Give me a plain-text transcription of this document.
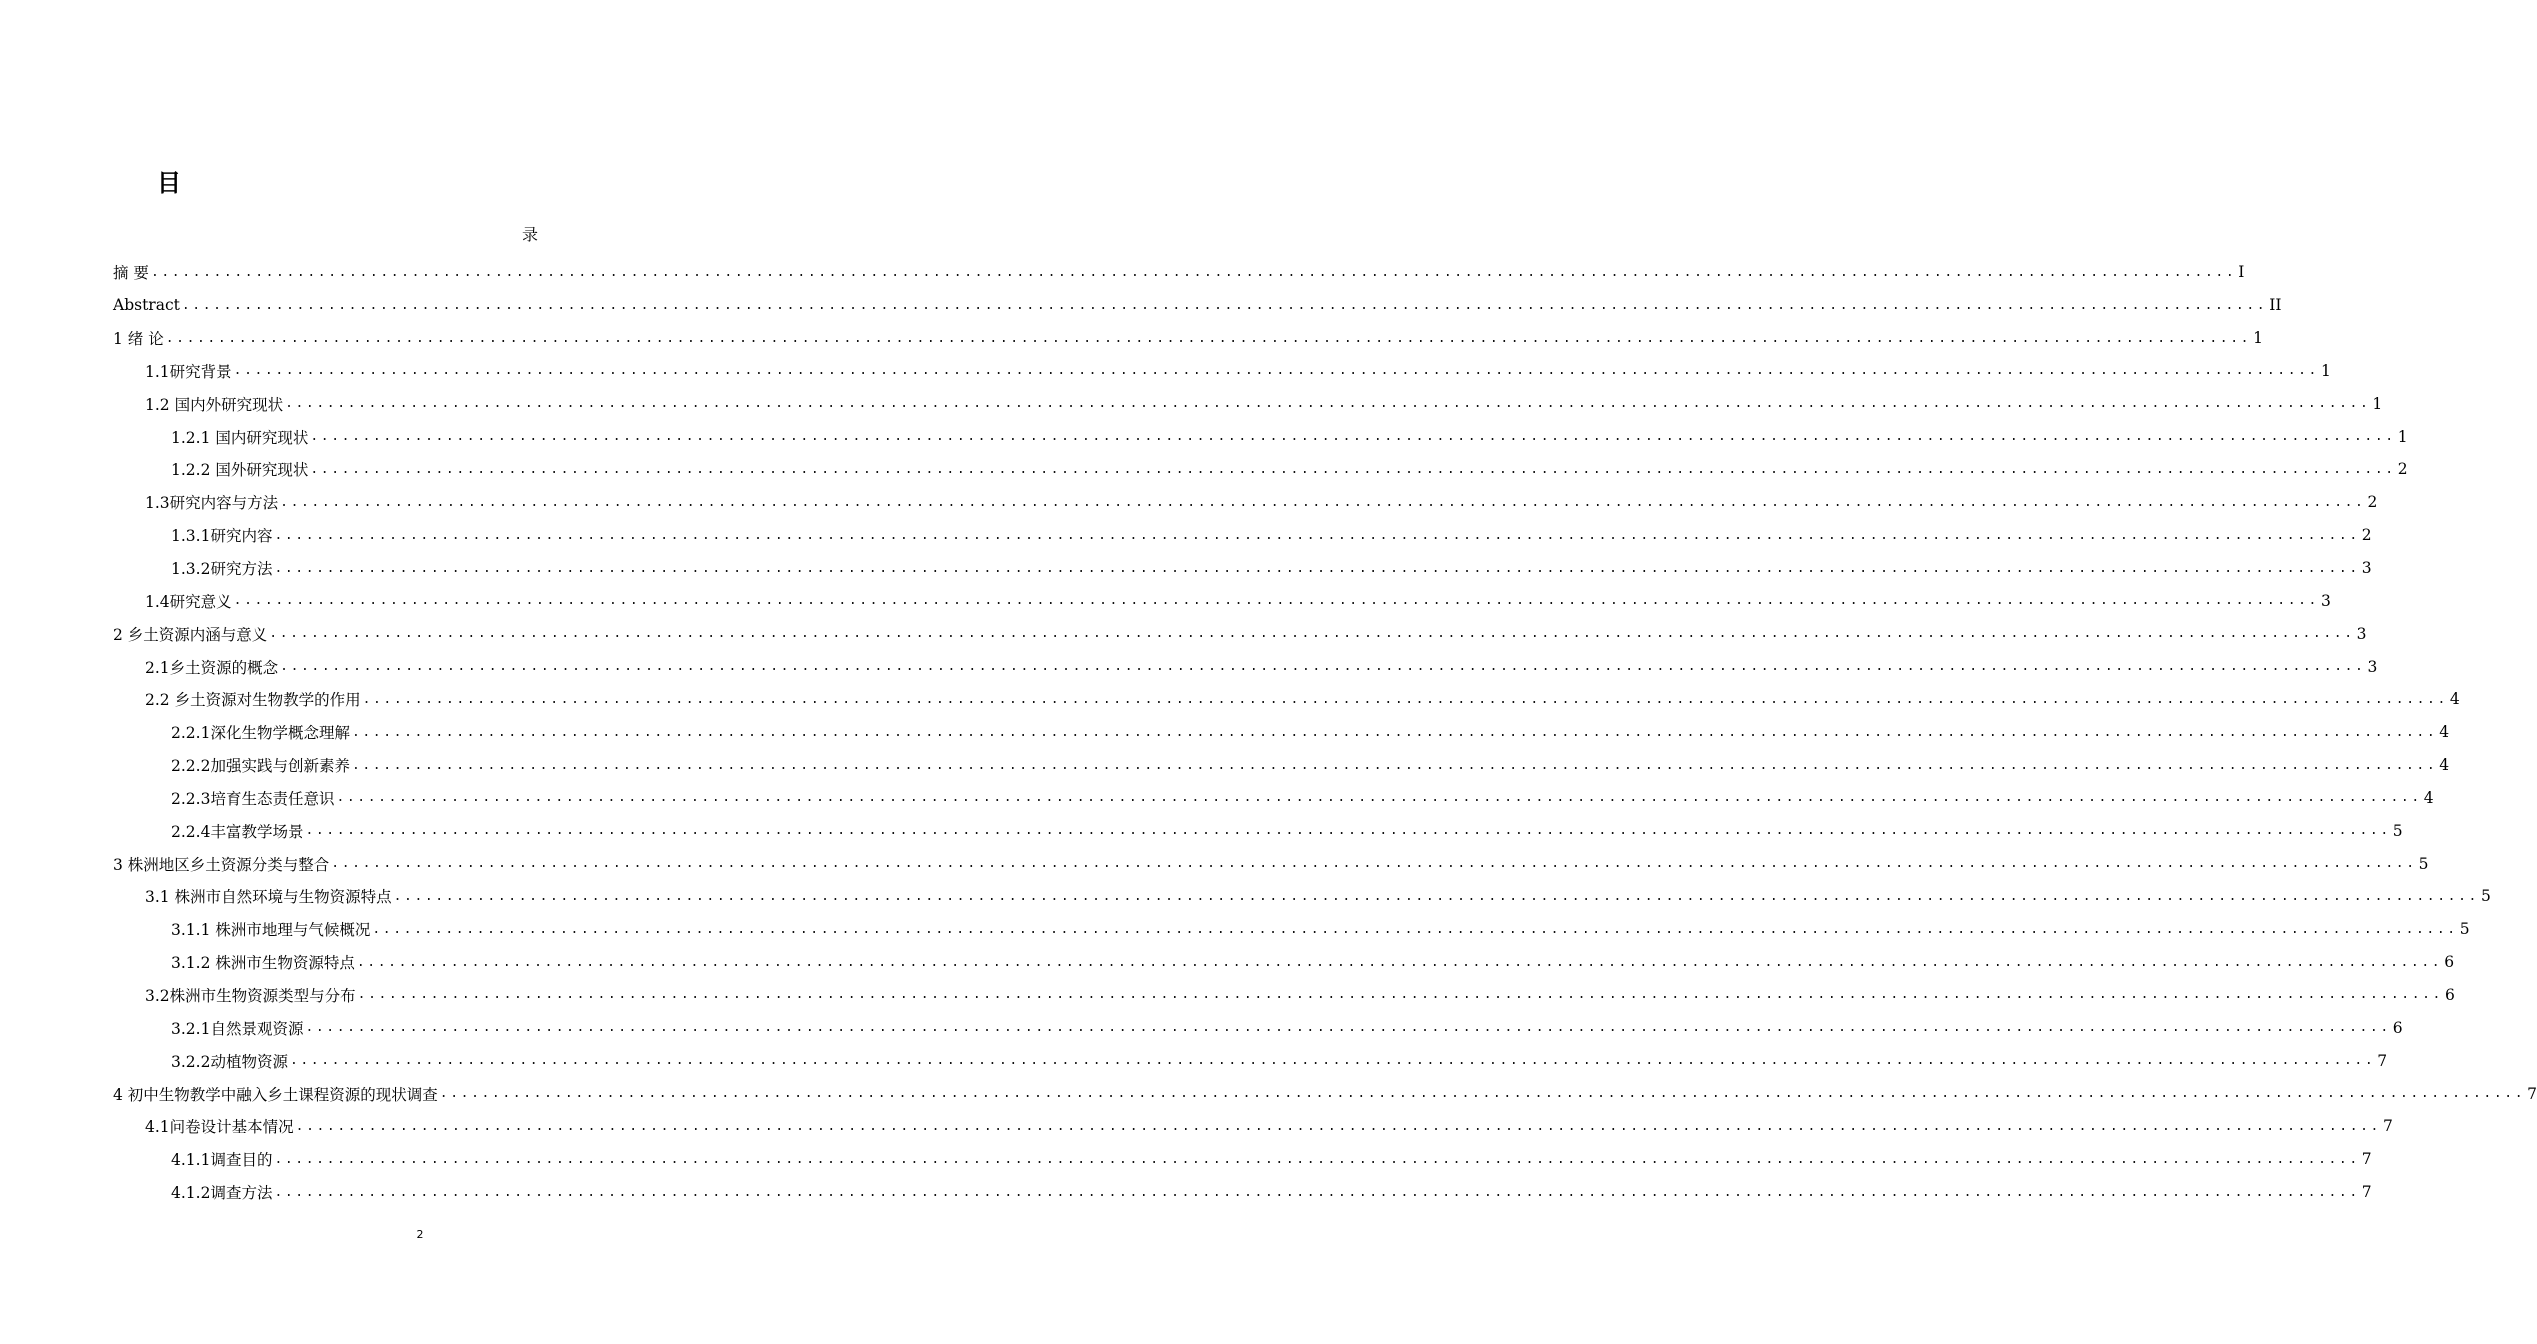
目
录
摘 要 ........................................................................................................................................................................................................ I
Abstract ........................................................................................................................................................................................................ II
1 绪 论 ........................................................................................................................................................................................................ 1
1.1研究背景 ........................................................................................................................................................................................................ 1
1.2 国内外研究现状 ........................................................................................................................................................................................................ 1
1.2.1 国内研究现状 ........................................................................................................................................................................................................ 1
1.2.2 国外研究现状 ........................................................................................................................................................................................................ 2
1.3研究内容与方法 ........................................................................................................................................................................................................ 2
1.3.1研究内容 ........................................................................................................................................................................................................ 2
1.3.2研究方法 ........................................................................................................................................................................................................ 3
1.4研究意义 ........................................................................................................................................................................................................ 3
2 乡土资源内涵与意义 ........................................................................................................................................................................................................ 3
2.1乡土资源的概念 ........................................................................................................................................................................................................ 3
2.2 乡土资源对生物教学的作用 ........................................................................................................................................................................................................ 4
2.2.1深化生物学概念理解 ........................................................................................................................................................................................................ 4
2.2.2加强实践与创新素养 ........................................................................................................................................................................................................ 4
2.2.3培育生态责任意识 ........................................................................................................................................................................................................ 4
2.2.4丰富教学场景 ........................................................................................................................................................................................................ 5
3 株洲地区乡土资源分类与整合 ........................................................................................................................................................................................................ 5
3.1 株洲市自然环境与生物资源特点 ........................................................................................................................................................................................................ 5
3.1.1 株洲市地理与气候概况 ........................................................................................................................................................................................................ 5
3.1.2 株洲市生物资源特点 ........................................................................................................................................................................................................ 6
3.2株洲市生物资源类型与分布 ........................................................................................................................................................................................................ 6
3.2.1自然景观资源 ........................................................................................................................................................................................................ 6
3.2.2动植物资源 ........................................................................................................................................................................................................ 7
4 初中生物教学中融入乡土课程资源的现状调查 ........................................................................................................................................................................................................ 7
4.1问卷设计基本情况 ........................................................................................................................................................................................................ 7
4.1.1调查目的 ........................................................................................................................................................................................................ 7
4.1.2调查方法 ........................................................................................................................................................................................................ 7
2
